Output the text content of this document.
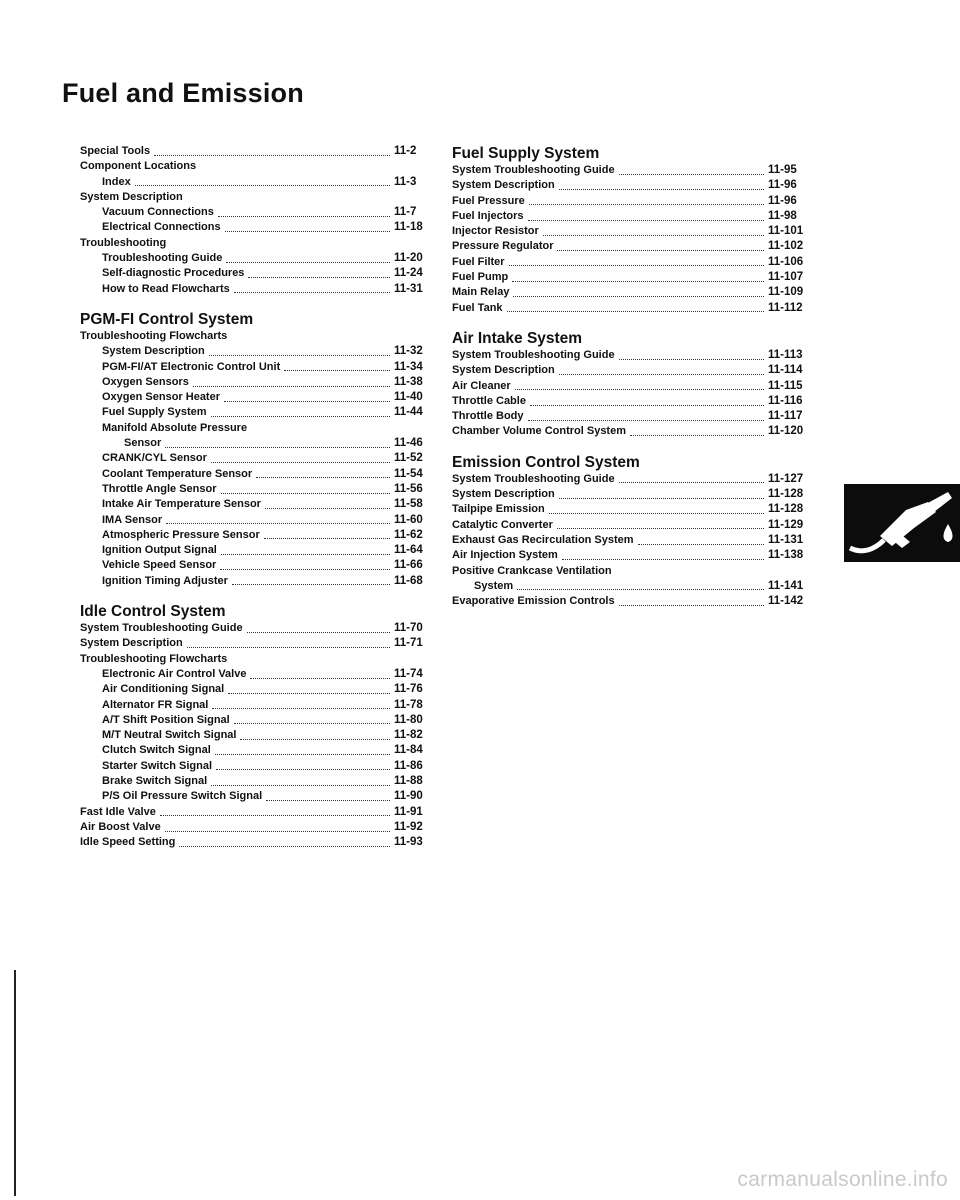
Fuel and Emission
Special Tools	11-2
Component Locations
Index	11-3
System Description
Vacuum Connections	11-7
Electrical Connections	11-18
Troubleshooting
Troubleshooting Guide	11-20
Self-diagnostic Procedures	11-24
How to Read Flowcharts	11-31
PGM-FI Control System
Troubleshooting Flowcharts
System Description	11-32
PGM-FI/AT Electronic Control Unit	11-34
Oxygen Sensors	11-38
Oxygen Sensor Heater	11-40
Fuel Supply System	11-44
Manifold Absolute Pressure
Sensor	11-46
CRANK/CYL Sensor	11-52
Coolant Temperature Sensor	11-54
Throttle Angle Sensor	11-56
Intake Air Temperature Sensor	11-58
IMA Sensor	11-60
Atmospheric Pressure Sensor	11-62
Ignition Output Signal	11-64
Vehicle Speed Sensor	11-66
Ignition Timing Adjuster	11-68
Idle Control System
System Troubleshooting Guide	11-70
System Description	11-71
Troubleshooting Flowcharts
Electronic Air Control Valve	11-74
Air Conditioning Signal	11-76
Alternator FR Signal	11-78
A/T Shift Position Signal	11-80
M/T Neutral Switch Signal	11-82
Clutch Switch Signal	11-84
Starter Switch Signal	11-86
Brake Switch Signal	11-88
P/S Oil Pressure Switch Signal	11-90
Fast Idle Valve	11-91
Air Boost Valve	11-92
Idle Speed Setting	11-93
Fuel Supply System
System Troubleshooting Guide	11-95
System Description	11-96
Fuel Pressure	11-96
Fuel Injectors	11-98
Injector Resistor	11-101
Pressure Regulator	11-102
Fuel Filter	11-106
Fuel Pump	11-107
Main Relay	11-109
Fuel Tank	11-112
Air Intake System
System Troubleshooting Guide	11-113
System Description	11-114
Air Cleaner	11-115
Throttle Cable	11-116
Throttle Body	11-117
Chamber Volume Control System	11-120
Emission Control System
System Troubleshooting Guide	11-127
System Description	11-128
Tailpipe Emission	11-128
Catalytic Converter	11-129
Exhaust Gas Recirculation System	11-131
Air Injection System	11-138
Positive Crankcase Ventilation
System	11-141
Evaporative Emission Controls	11-142
carmanualsonline.info
